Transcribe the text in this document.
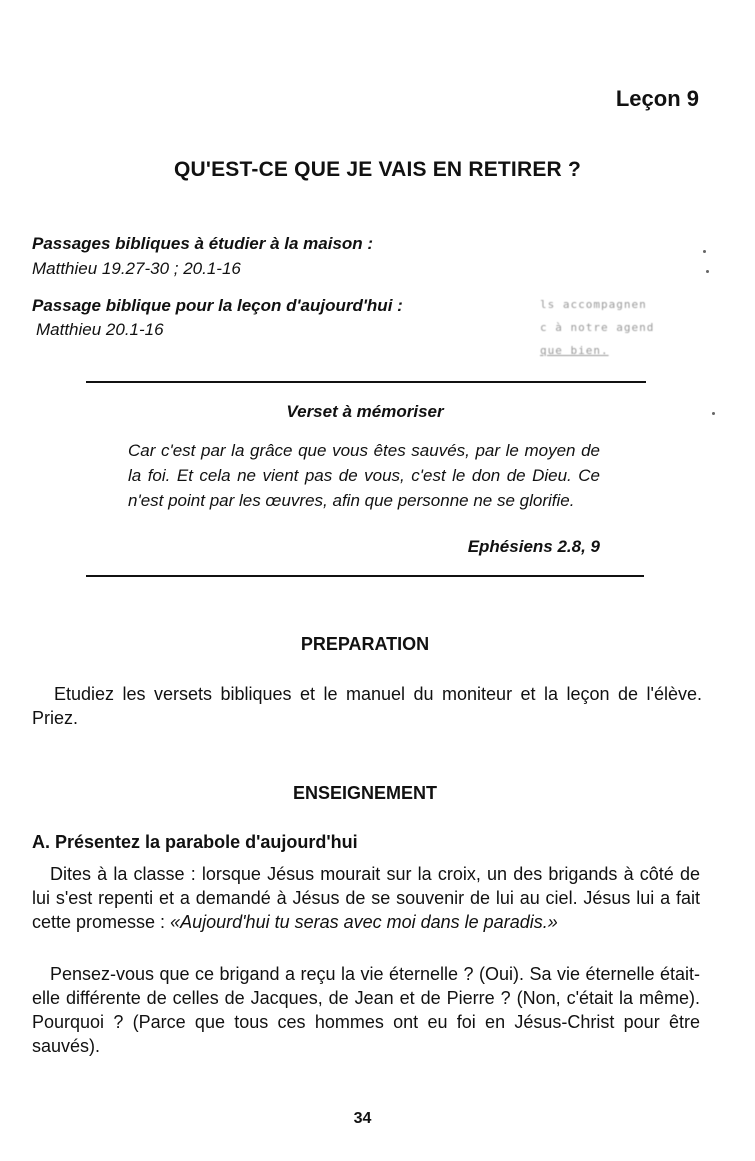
Leçon 9
QU'EST-CE QUE JE VAIS EN RETIRER ?
Passages bibliques à étudier à la maison :
Matthieu 19.27-30 ; 20.1-16
Passage biblique pour la leçon d'aujourd'hui :
Matthieu 20.1-16
ls accompagnen
c à notre agend
que bien.
Verset à mémoriser
Car c'est par la grâce que vous êtes sauvés, par le moyen de la foi. Et cela ne vient pas de vous, c'est le don de Dieu. Ce n'est point par les œuvres, afin que personne ne se glorifie.
Ephésiens 2.8, 9
PREPARATION
Etudiez les versets bibliques et le manuel du moniteur et la leçon de l'élève. Priez.
ENSEIGNEMENT
A. Présentez la parabole d'aujourd'hui
Dites à la classe : lorsque Jésus mourait sur la croix, un des brigands à côté de lui s'est repenti et a demandé à Jésus de se souvenir de lui au ciel. Jésus lui a fait cette promesse : «Aujourd'hui tu seras avec moi dans le paradis.»
Pensez-vous que ce brigand a reçu la vie éternelle ? (Oui). Sa vie éternelle était-elle différente de celles de Jacques, de Jean et de Pierre ? (Non, c'était la même). Pourquoi ? (Parce que tous ces hommes ont eu foi en Jésus-Christ pour être sauvés).
34
